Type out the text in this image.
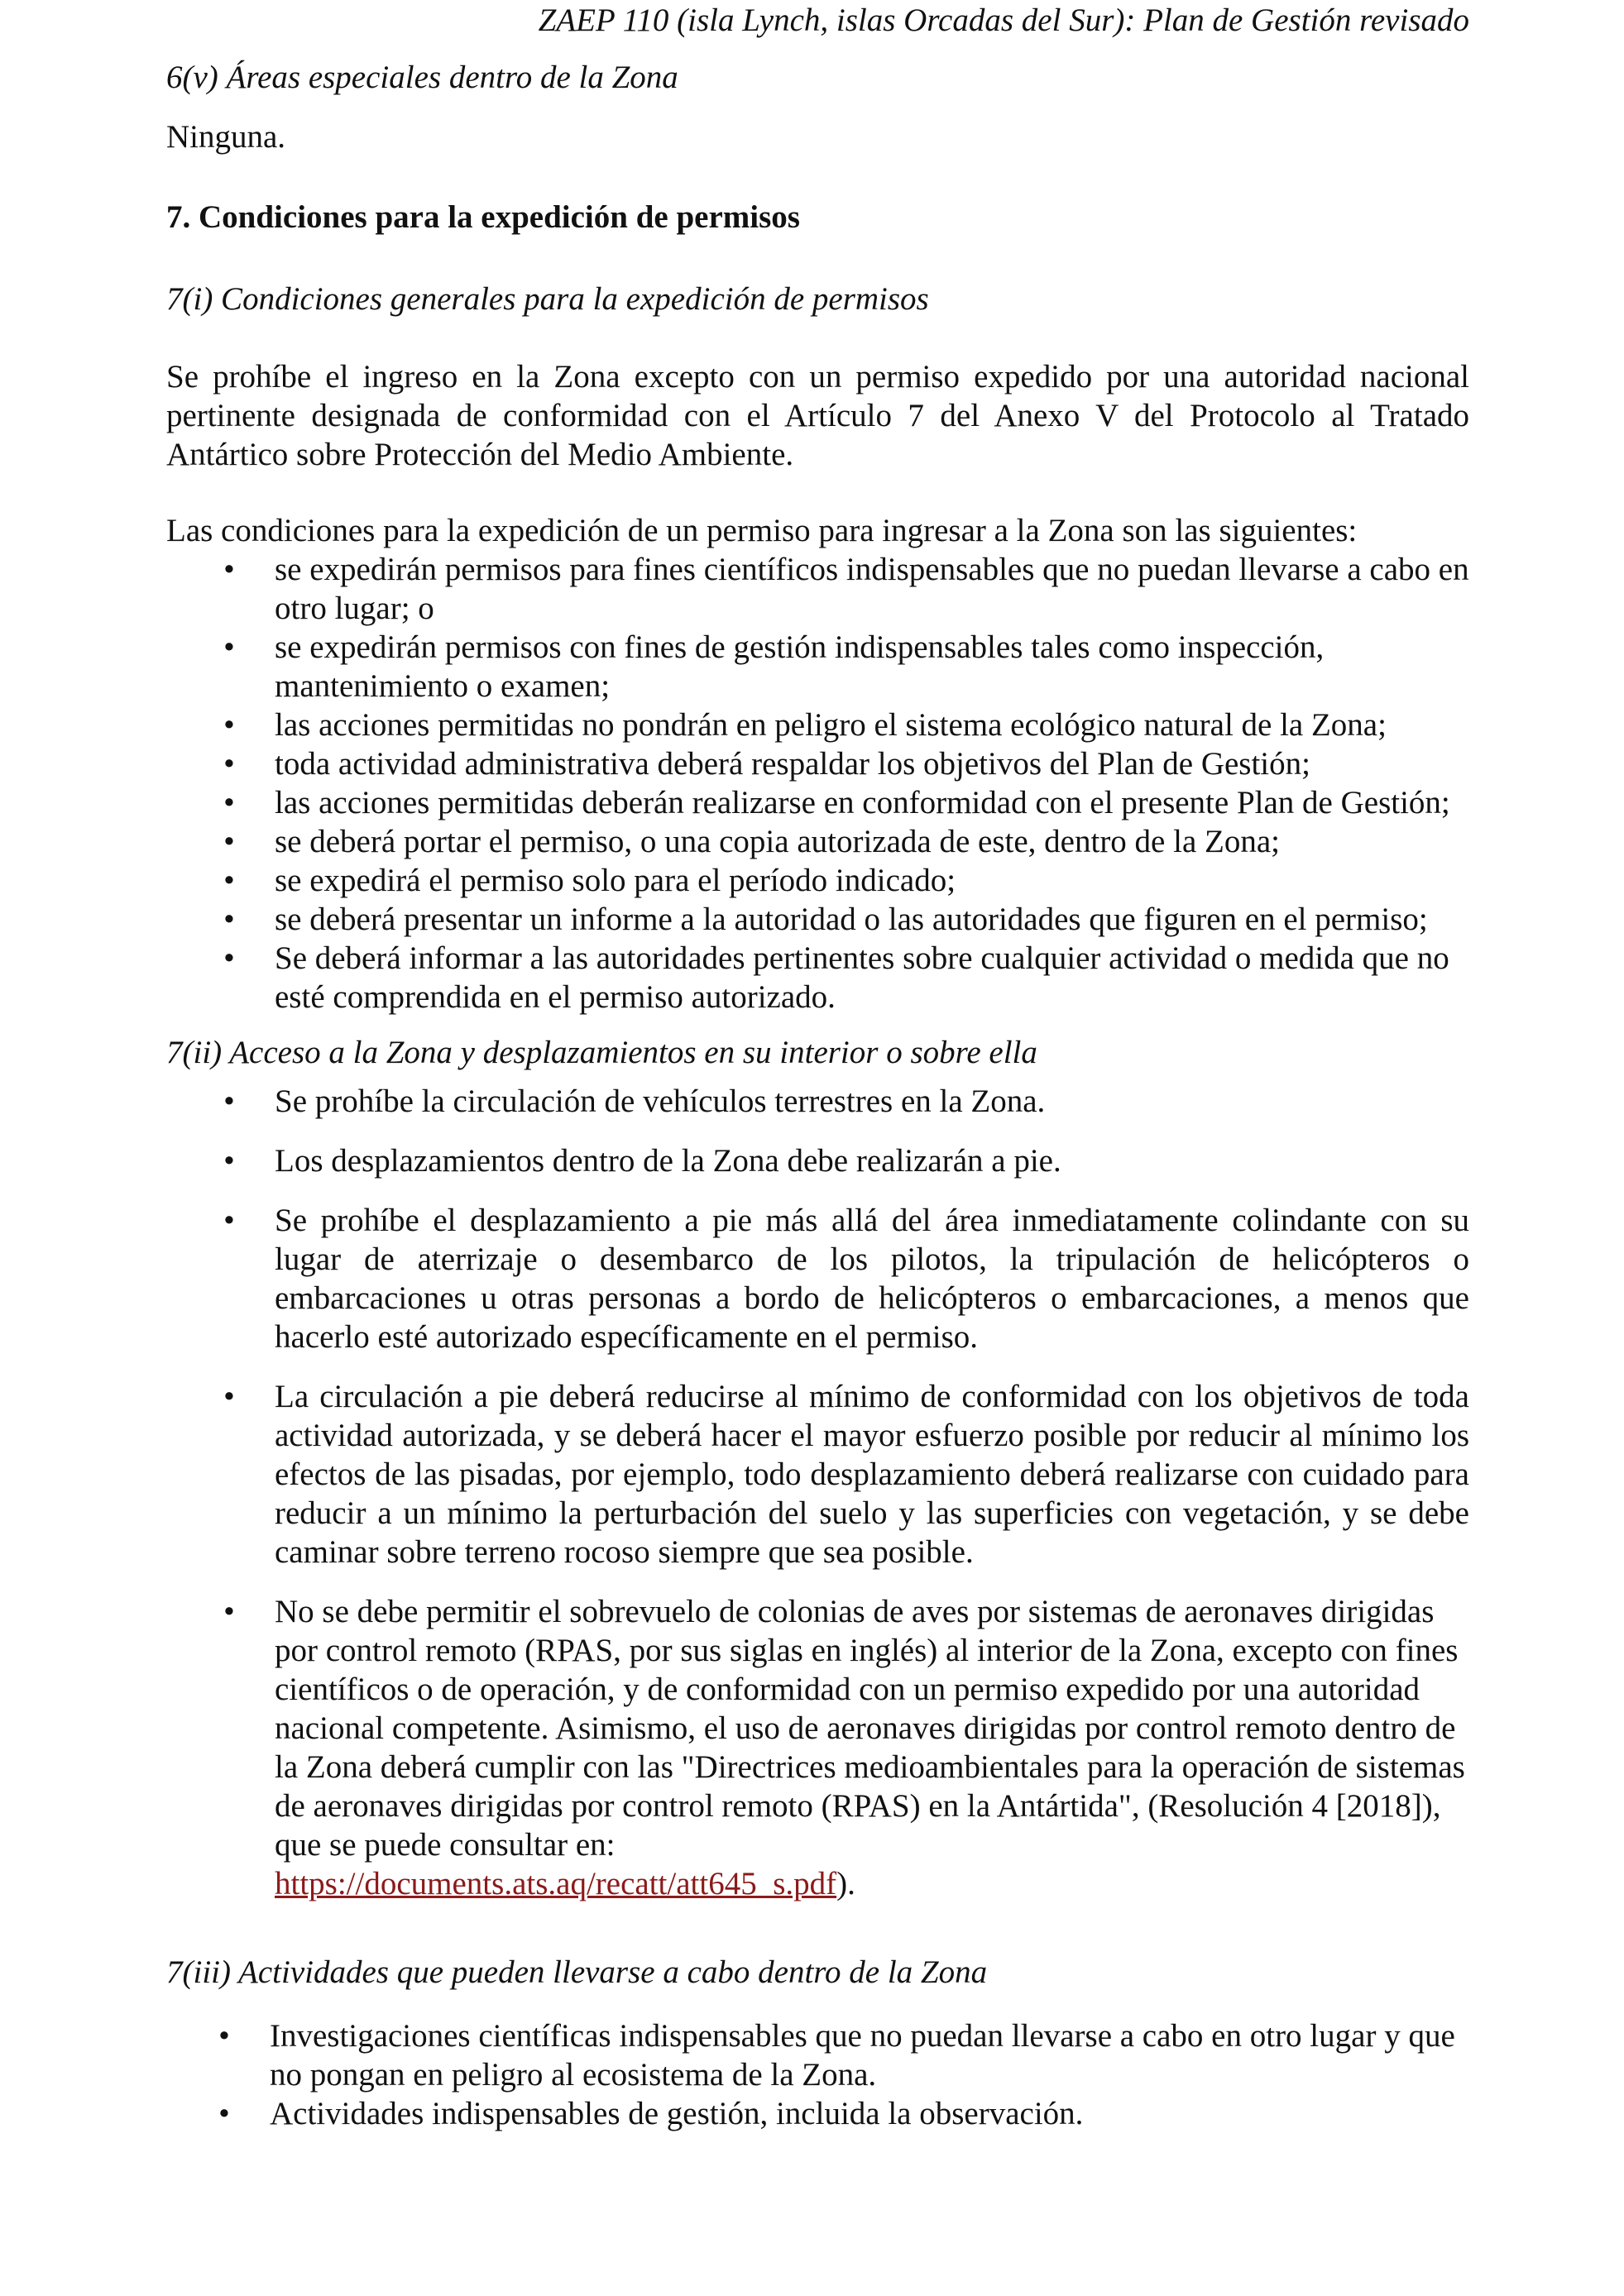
ZAEP 110 (isla Lynch, islas Orcadas del Sur): Plan de Gestión revisado

6(v) Áreas especiales dentro de la Zona

Ninguna.

7. Condiciones para la expedición de permisos

7(i) Condiciones generales para la expedición de permisos

Se prohíbe el ingreso en la Zona excepto con un permiso expedido por una autoridad nacional pertinente designada de conformidad con el Artículo 7 del Anexo V del Protocolo al Tratado Antártico sobre Protección del Medio Ambiente.

Las condiciones para la expedición de un permiso para ingresar a la Zona son las siguientes:

• se expedirán permisos para fines científicos indispensables que no puedan llevarse a cabo en otro lugar; o
• se expedirán permisos con fines de gestión indispensables tales como inspección, mantenimiento o examen;
• las acciones permitidas no pondrán en peligro el sistema ecológico natural de la Zona;
• toda actividad administrativa deberá respaldar los objetivos del Plan de Gestión;
• las acciones permitidas deberán realizarse en conformidad con el presente Plan de Gestión;
• se deberá portar el permiso, o una copia autorizada de este, dentro de la Zona;
• se expedirá el permiso solo para el período indicado;
• se deberá presentar un informe a la autoridad o las autoridades que figuren en el permiso;
• Se deberá informar a las autoridades pertinentes sobre cualquier actividad o medida que no esté comprendida en el permiso autorizado.

7(ii) Acceso a la Zona y desplazamientos en su interior o sobre ella

• Se prohíbe la circulación de vehículos terrestres en la Zona.
• Los desplazamientos dentro de la Zona debe realizarán a pie.
• Se prohíbe el desplazamiento a pie más allá del área inmediatamente colindante con su lugar de aterrizaje o desembarco de los pilotos, la tripulación de helicópteros o embarcaciones u otras personas a bordo de helicópteros o embarcaciones, a menos que hacerlo esté autorizado específicamente en el permiso.
• La circulación a pie deberá reducirse al mínimo de conformidad con los objetivos de toda actividad autorizada, y se deberá hacer el mayor esfuerzo posible por reducir al mínimo los efectos de las pisadas, por ejemplo, todo desplazamiento deberá realizarse con cuidado para reducir a un mínimo la perturbación del suelo y las superficies con vegetación, y se debe caminar sobre terreno rocoso siempre que sea posible.
• No se debe permitir el sobrevuelo de colonias de aves por sistemas de aeronaves dirigidas por control remoto (RPAS, por sus siglas en inglés) al interior de la Zona, excepto con fines científicos o de operación, y de conformidad con un permiso expedido por una autoridad nacional competente. Asimismo, el uso de aeronaves dirigidas por control remoto dentro de la Zona deberá cumplir con las "Directrices medioambientales para la operación de sistemas de aeronaves dirigidas por control remoto (RPAS) en la Antártida", (Resolución 4 [2018]), que se puede consultar en:
https://documents.ats.aq/recatt/att645_s.pdf).

7(iii) Actividades que pueden llevarse a cabo dentro de la Zona

• Investigaciones científicas indispensables que no puedan llevarse a cabo en otro lugar y que no pongan en peligro al ecosistema de la Zona.
• Actividades indispensables de gestión, incluida la observación.
